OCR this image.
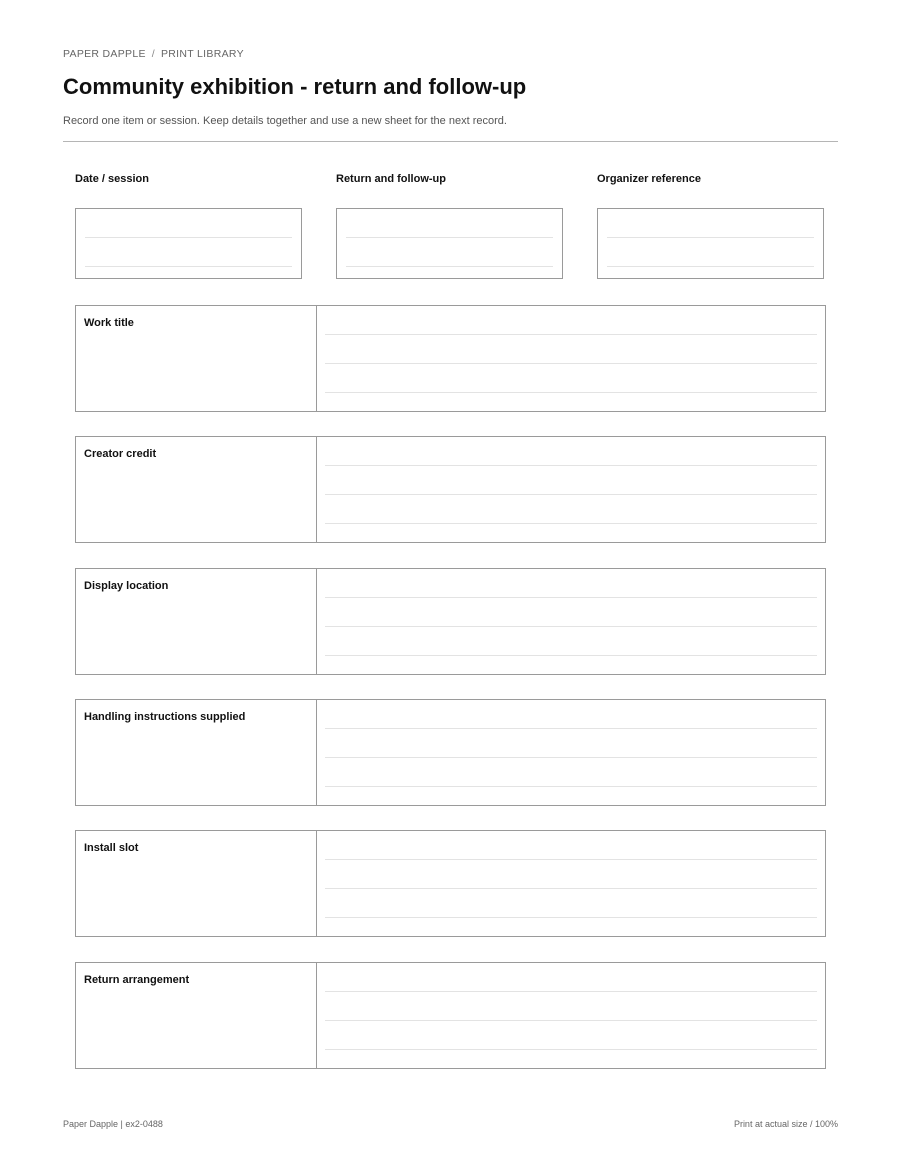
PAPER DAPPLE / PRINT LIBRARY
Community exhibition - return and follow-up
Record one item or session. Keep details together and use a new sheet for the next record.
Date / session	Return and follow-up	Organizer reference
Work title
Creator credit
Display location
Handling instructions supplied
Install slot
Return arrangement
Paper Dapple | ex2-0488	Print at actual size / 100%
